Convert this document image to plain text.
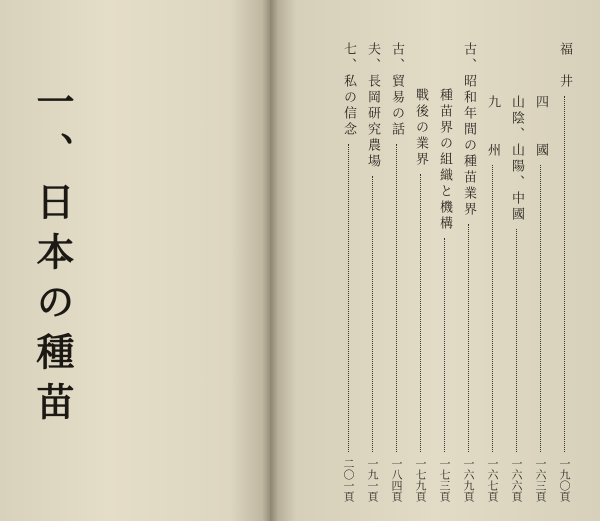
一、日本の種苗
福　井
一九〇頁
四　　國
一六三頁
山陰、山陽、中國
一六六頁
九　　州
一六七頁
古、昭和年間の種苗業界
一六九頁
種苗界の組織と機構
一七三頁
戰後の業界
一七九頁
古、貿易の話
一八四頁
夫、長岡研究農場
一九一頁
七、私の信念
二〇一頁
